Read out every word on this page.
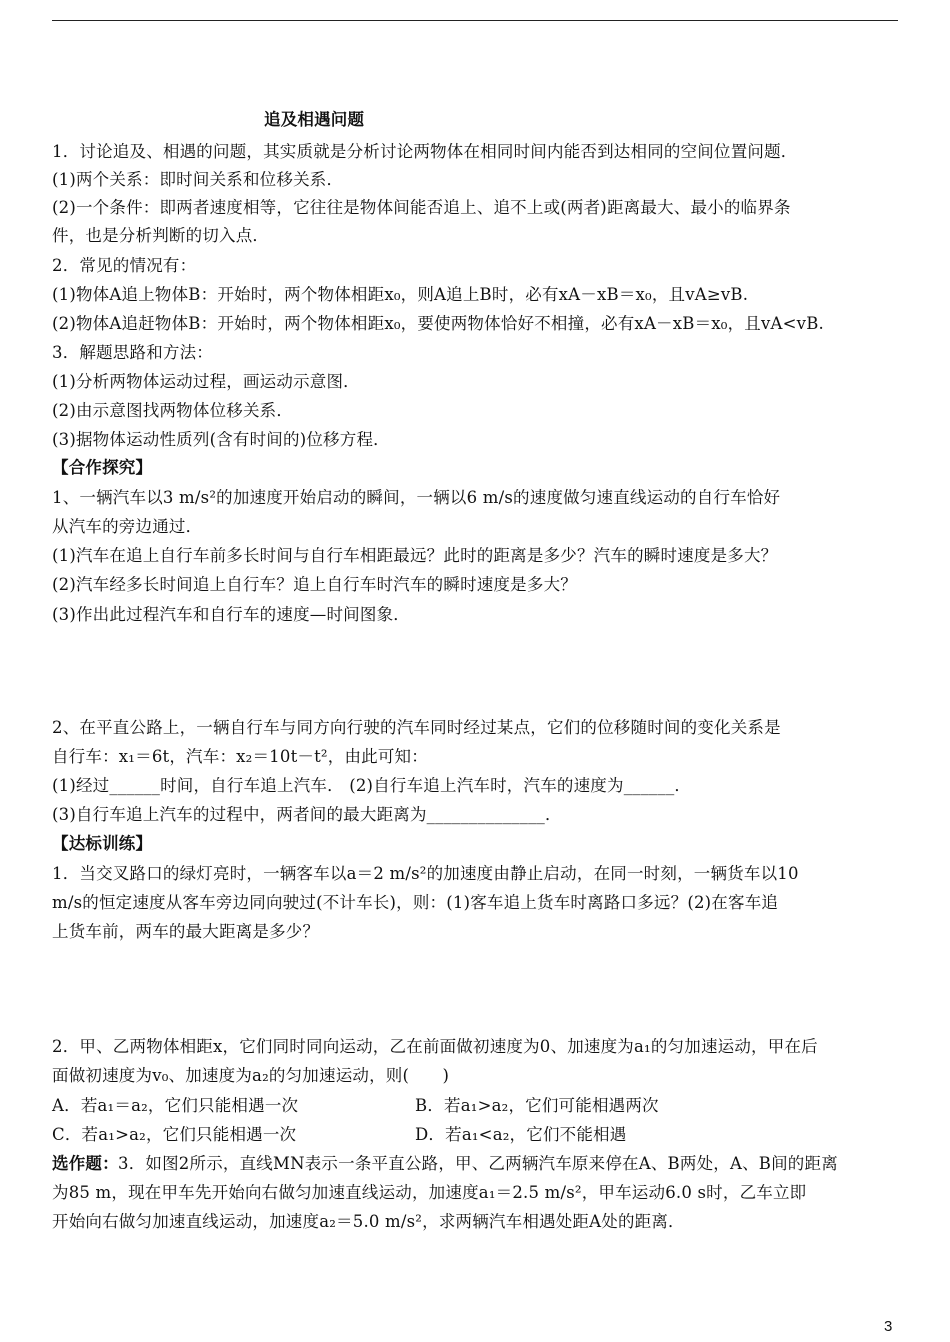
追及相遇问题
1．讨论追及、相遇的问题，其实质就是分析讨论两物体在相同时间内能否到达相同的空间位置问题．
(1)两个关系：即时间关系和位移关系．
(2)一个条件：即两者速度相等，它往往是物体间能否追上、追不上或(两者)距离最大、最小的临界条
件，也是分析判断的切入点．
2．常见的情况有：
(1)物体A追上物体B：开始时，两个物体相距x₀，则A追上B时，必有xA－xB＝x₀，且vA≥vB.
(2)物体A追赶物体B：开始时，两个物体相距x₀，要使两物体恰好不相撞，必有xA－xB＝x₀，且vA<vB.
3．解题思路和方法：
(1)分析两物体运动过程，画运动示意图．
(2)由示意图找两物体位移关系．
(3)据物体运动性质列(含有时间的)位移方程．
【合作探究】
1、一辆汽车以3 m/s²的加速度开始启动的瞬间，一辆以6 m/s的速度做匀速直线运动的自行车恰好
从汽车的旁边通过．
(1)汽车在追上自行车前多长时间与自行车相距最远？此时的距离是多少？汽车的瞬时速度是多大？
(2)汽车经多长时间追上自行车？追上自行车时汽车的瞬时速度是多大？
(3)作出此过程汽车和自行车的速度—时间图象．
2、在平直公路上，一辆自行车与同方向行驶的汽车同时经过某点，它们的位移随时间的变化关系是
自行车：x₁＝6t，汽车：x₂＝10t－t²，由此可知：
(1)经过______时间，自行车追上汽车． (2)自行车追上汽车时，汽车的速度为______．
(3)自行车追上汽车的过程中，两者间的最大距离为______________．
【达标训练】
1．当交叉路口的绿灯亮时，一辆客车以a＝2 m/s²的加速度由静止启动，在同一时刻，一辆货车以10
m/s的恒定速度从客车旁边同向驶过(不计车长)，则：(1)客车追上货车时离路口多远？(2)在客车追
上货车前，两车的最大距离是多少？
2．甲、乙两物体相距x，它们同时同向运动，乙在前面做初速度为0、加速度为a₁的匀加速运动，甲在后
面做初速度为v₀、加速度为a₂的匀加速运动，则(　　)
A．若a₁＝a₂，它们只能相遇一次	B．若a₁>a₂，它们可能相遇两次
C．若a₁>a₂，它们只能相遇一次	D．若a₁<a₂，它们不能相遇
选作题： 3．如图2所示，直线MN表示一条平直公路，甲、乙两辆汽车原来停在A、B两处，A、B间的距离
为85 m，现在甲车先开始向右做匀加速直线运动，加速度a₁＝2.5 m/s²，甲车运动6.0 s时，乙车立即
开始向右做匀加速直线运动，加速度a₂＝5.0 m/s²，求两辆汽车相遇处距A处的距离．
3
